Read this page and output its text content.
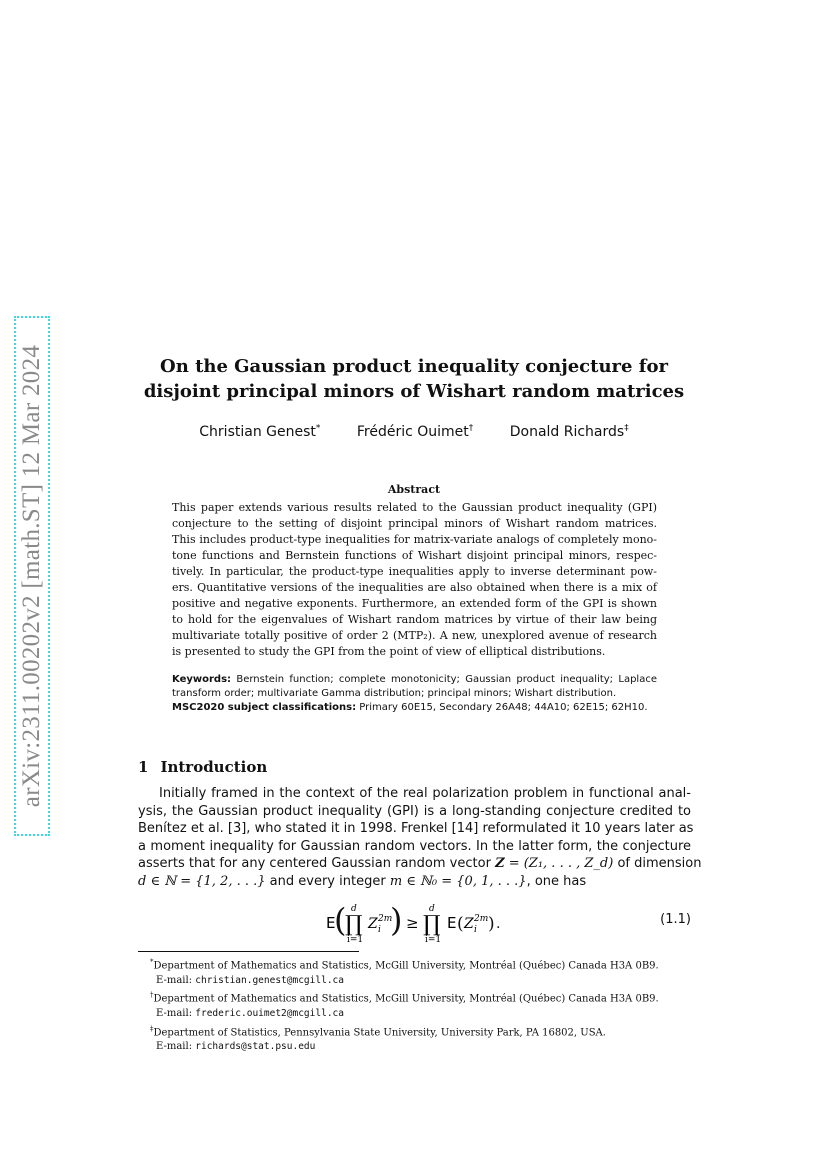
arXiv:2311.00202v2 [math.ST] 12 Mar 2024	On the Gaussian product inequality conjecture for
disjoint principal minors of Wishart random matrices
Christian Genest*	Frédéric Ouimet†	Donald Richards‡
Abstract
This paper extends various results related to the Gaussian product inequality (GPI)
conjecture to the setting of disjoint principal minors of Wishart random matrices.
This includes product-type inequalities for matrix-variate analogs of completely mono-
tone functions and Bernstein functions of Wishart disjoint principal minors, respec-
tively. In particular, the product-type inequalities apply to inverse determinant pow-
ers. Quantitative versions of the inequalities are also obtained when there is a mix of
positive and negative exponents. Furthermore, an extended form of the GPI is shown
to hold for the eigenvalues of Wishart random matrices by virtue of their law being
multivariate totally positive of order 2 (MTP₂). A new, unexplored avenue of research
is presented to study the GPI from the point of view of elliptical distributions.
Keywords: Bernstein function; complete monotonicity; Gaussian product inequality; Laplace
transform order; multivariate Gamma distribution; principal minors; Wishart distribution.
MSC2020 subject classifications: Primary 60E15, Secondary 26A48; 44A10; 62E15; 62H10.
1 Introduction
Initially framed in the context of the real polarization problem in functional anal-
ysis, the Gaussian product inequality (GPI) is a long-standing conjecture credited to
Benítez et al. [3], who stated it in 1998. Frenkel [14] reformulated it 10 years later as
a moment inequality for Gaussian random vectors. In the latter form, the conjecture
asserts that for any centered Gaussian random vector Z = (Z₁, . . . , Z_d) of dimension
d ∈ ℕ = {1, 2, . . .} and every integer m ∈ ℕ₀ = {0, 1, . . .}, one has
E
( d
∏
i=1
Z 2m
i ) ≥
d
∏
i=1
E ( Z 2m
i ) .	(1.1)
*Department of Mathematics and Statistics, McGill University, Montréal (Québec) Canada H3A 0B9.
E-mail: christian.genest@mcgill.ca
†Department of Mathematics and Statistics, McGill University, Montréal (Québec) Canada H3A 0B9.
E-mail: frederic.ouimet2@mcgill.ca
‡Department of Statistics, Pennsylvania State University, University Park, PA 16802, USA.
E-mail: richards@stat.psu.edu
